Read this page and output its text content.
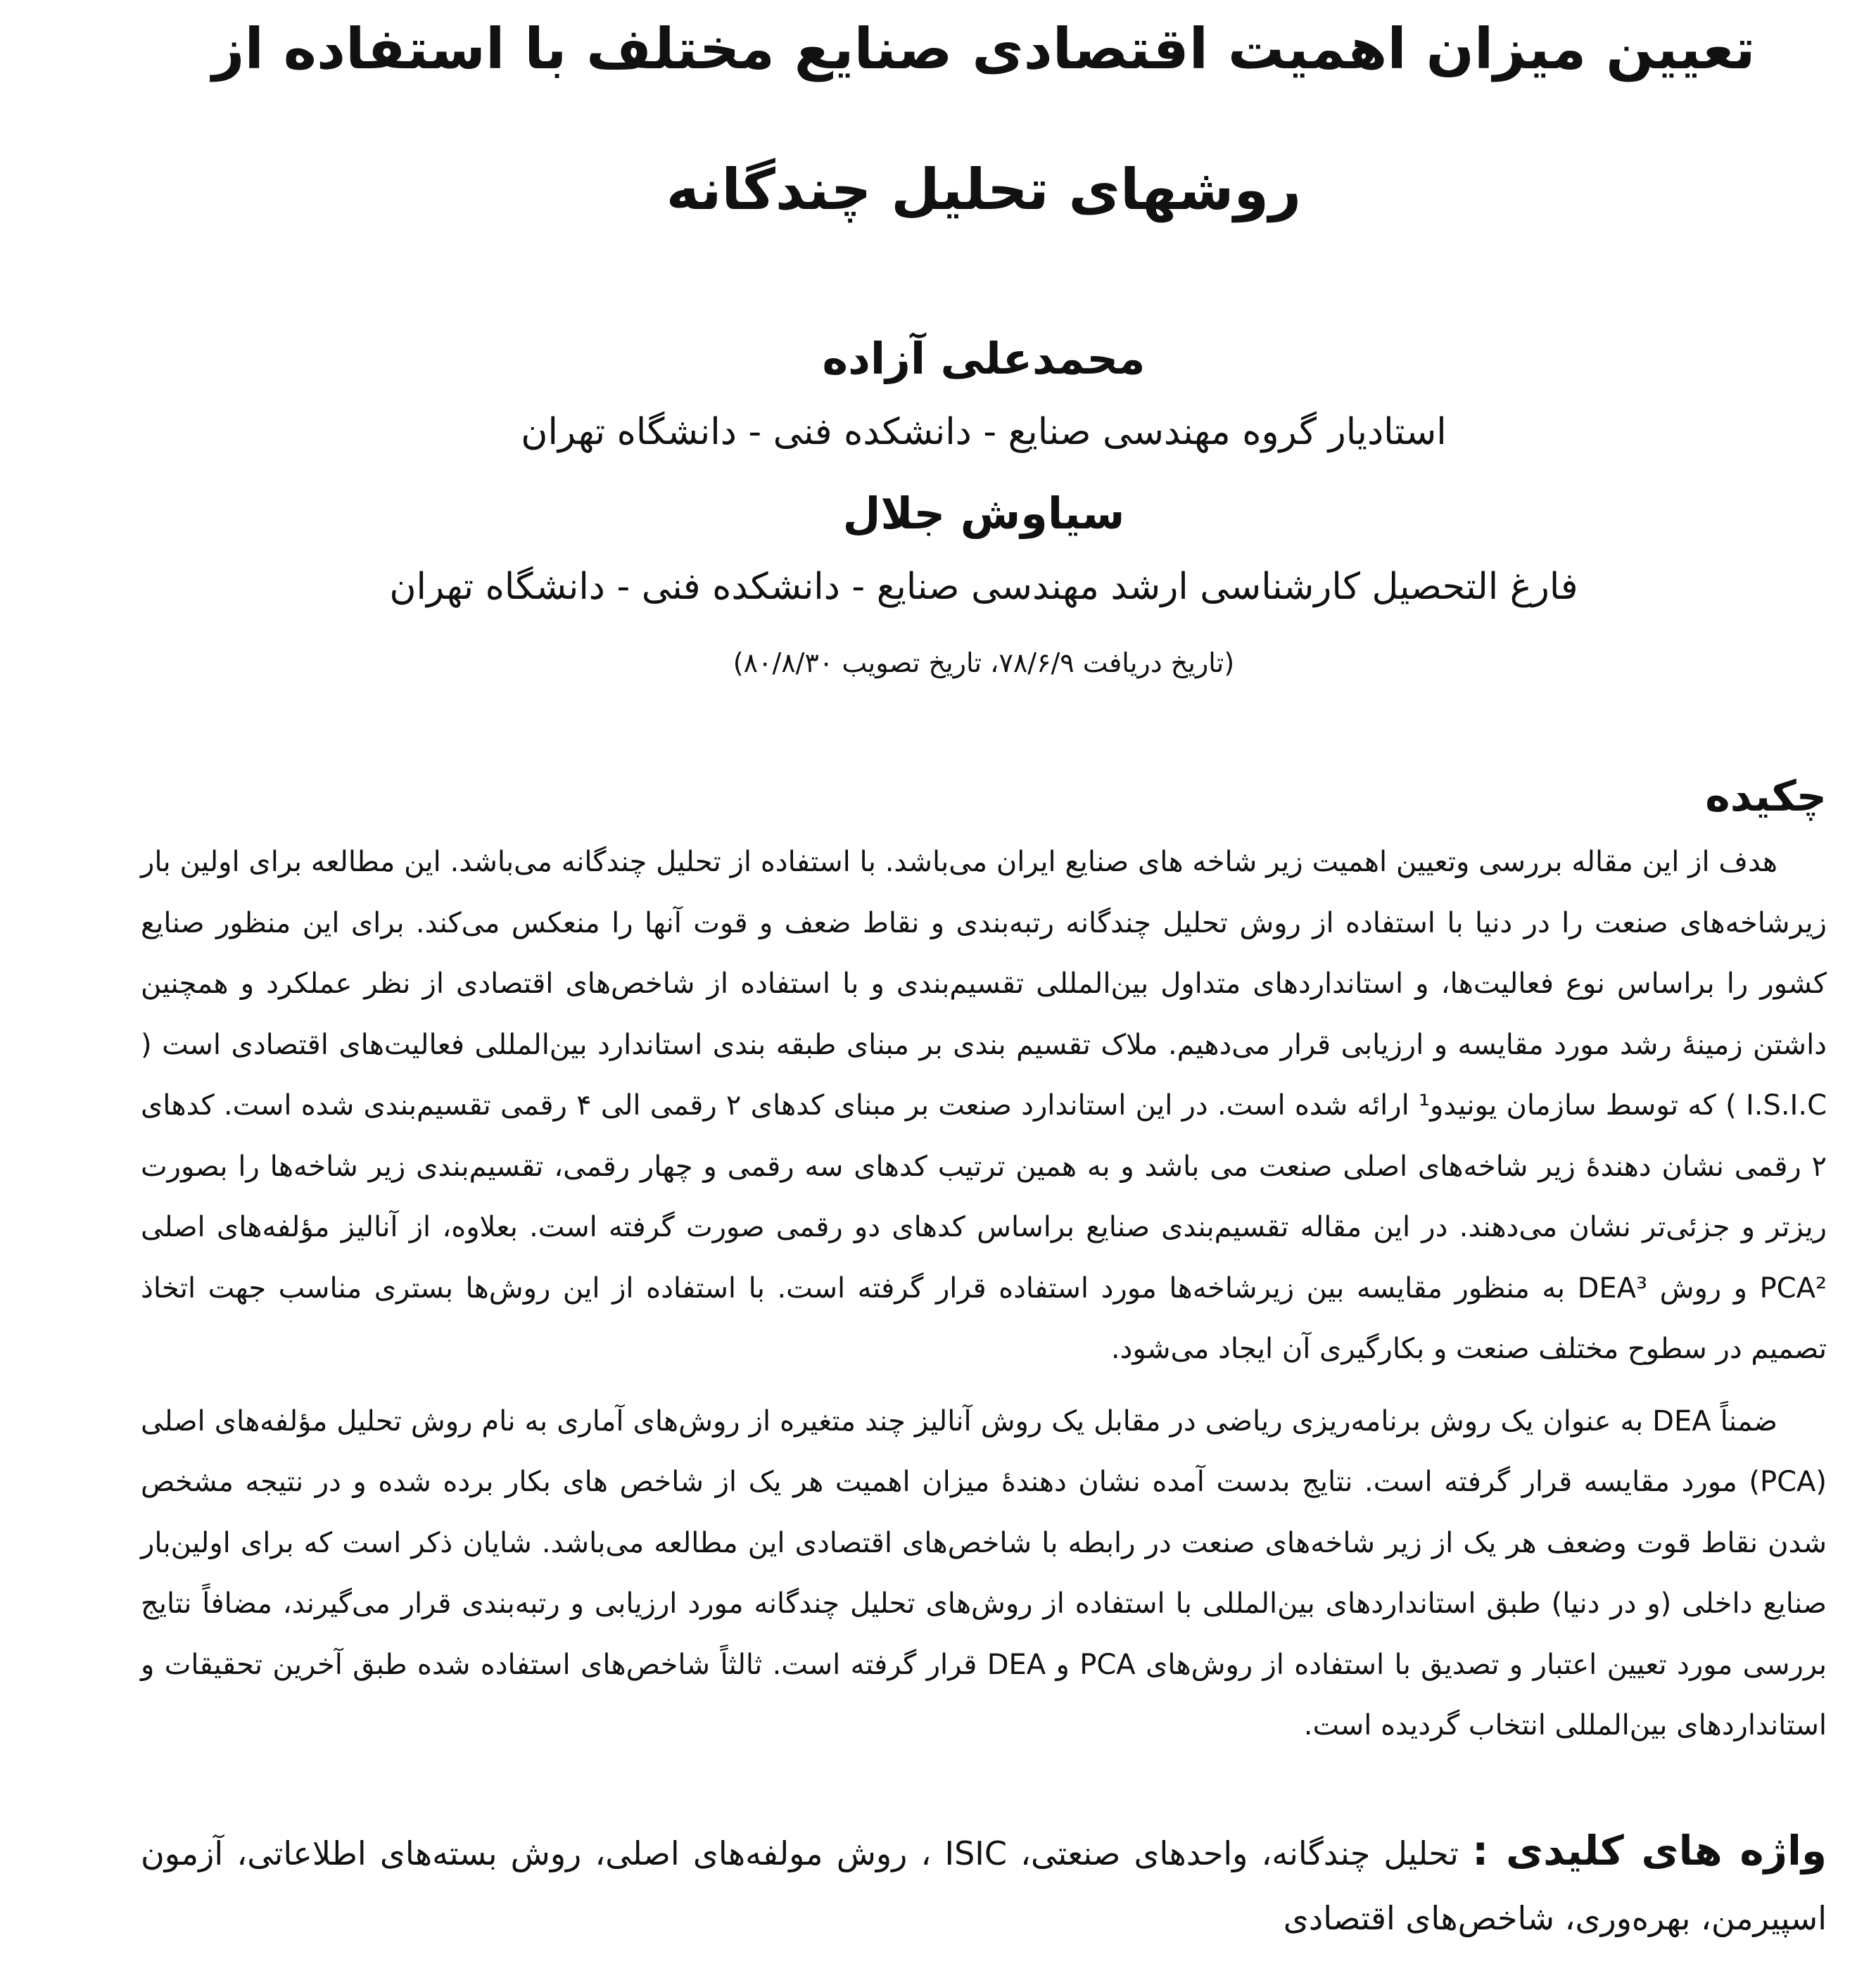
تعیین میزان اهمیت اقتصادی صنایع مختلف با استفاده از
روشهای تحلیل چندگانه

محمدعلی آزاده

استادیار گروه مهندسی صنایع - دانشکده فنی - دانشگاه تهران

سیاوش جلال

فارغ التحصیل کارشناسی ارشد مهندسی صنایع - دانشکده فنی - دانشگاه تهران

(تاریخ دریافت ۷۸/۶/۹، تاریخ تصویب ۸۰/۸/۳۰)
چکیده

هدف از این مقاله بررسی وتعیین اهمیت زیر شاخه های صنایع ایران می‌باشد. با استفاده از تحلیل چندگانه می‌باشد. این مطالعه برای اولین بار زیرشاخه‌های صنعت را در دنیا با استفاده از روش تحلیل چندگانه رتبه‌بندی و نقاط ضعف و قوت آنها را منعکس می‌کند. برای این منظور صنایع کشور را براساس نوع فعالیت‌ها، و استانداردهای متداول بین‌المللی تقسیم‌بندی و با استفاده از شاخص‌های اقتصادی از نظر عملکرد و همچنین داشتن زمینهٔ رشد مورد مقایسه و ارزیابی قرار می‌دهیم. ملاک تقسیم بندی بر مبنای طبقه بندی استاندارد بین‌المللی فعالیت‌های اقتصادی است ( I.S.I.C ) که توسط سازمان یونیدو¹ ارائه شده است. در این استاندارد صنعت بر مبنای کدهای ۲ رقمی الی ۴ رقمی تقسیم‌بندی شده است. کدهای ۲ رقمی نشان دهندهٔ زیر شاخه‌های اصلی صنعت می باشد و به همین ترتیب کدهای سه رقمی و چهار رقمی، تقسیم‌بندی زیر شاخه‌ها را بصورت ریزتر و جزئی‌تر نشان می‌دهند. در این مقاله تقسیم‌بندی صنایع براساس کدهای دو رقمی صورت گرفته است. بعلاوه، از آنالیز مؤلفه‌های اصلی PCA² و روش DEA³ به منظور مقایسه بین زیرشاخه‌ها مورد استفاده قرار گرفته است. با استفاده از این روش‌ها بستری مناسب جهت اتخاذ تصمیم در سطوح مختلف صنعت و بکارگیری آن ایجاد می‌شود.

ضمناً DEA به عنوان یک روش برنامه‌ریزی ریاضی در مقابل یک روش آنالیز چند متغیره از روش‌های آماری به نام روش تحلیل مؤلفه‌های اصلی (PCA) مورد مقایسه قرار گرفته است. نتایج بدست آمده نشان دهندهٔ میزان اهمیت هر یک از شاخص های بکار برده شده و در نتیجه مشخص شدن نقاط قوت وضعف هر یک از زیر شاخه‌های صنعت در رابطه با شاخص‌های اقتصادی این مطالعه می‌باشد. شایان ذکر است که برای اولین‌بار صنایع داخلی (و در دنیا) طبق استانداردهای بین‌المللی با استفاده از روش‌های تحلیل چندگانه مورد ارزیابی و رتبه‌بندی قرار می‌گیرند، مضافاً نتایج بررسی مورد تعیین اعتبار و تصدیق با استفاده از روش‌های PCA و DEA قرار گرفته است. ثالثاً شاخص‌های استفاده شده طبق آخرین تحقیقات و استانداردهای بین‌المللی انتخاب گردیده است.

واژه های کلیدی : تحلیل چندگانه، واحدهای صنعتی، ISIC ، روش مولفه‌های اصلی، روش بسته‌های اطلاعاتی، آزمون اسپیرمن، بهره‌وری، شاخص‌های اقتصادی
